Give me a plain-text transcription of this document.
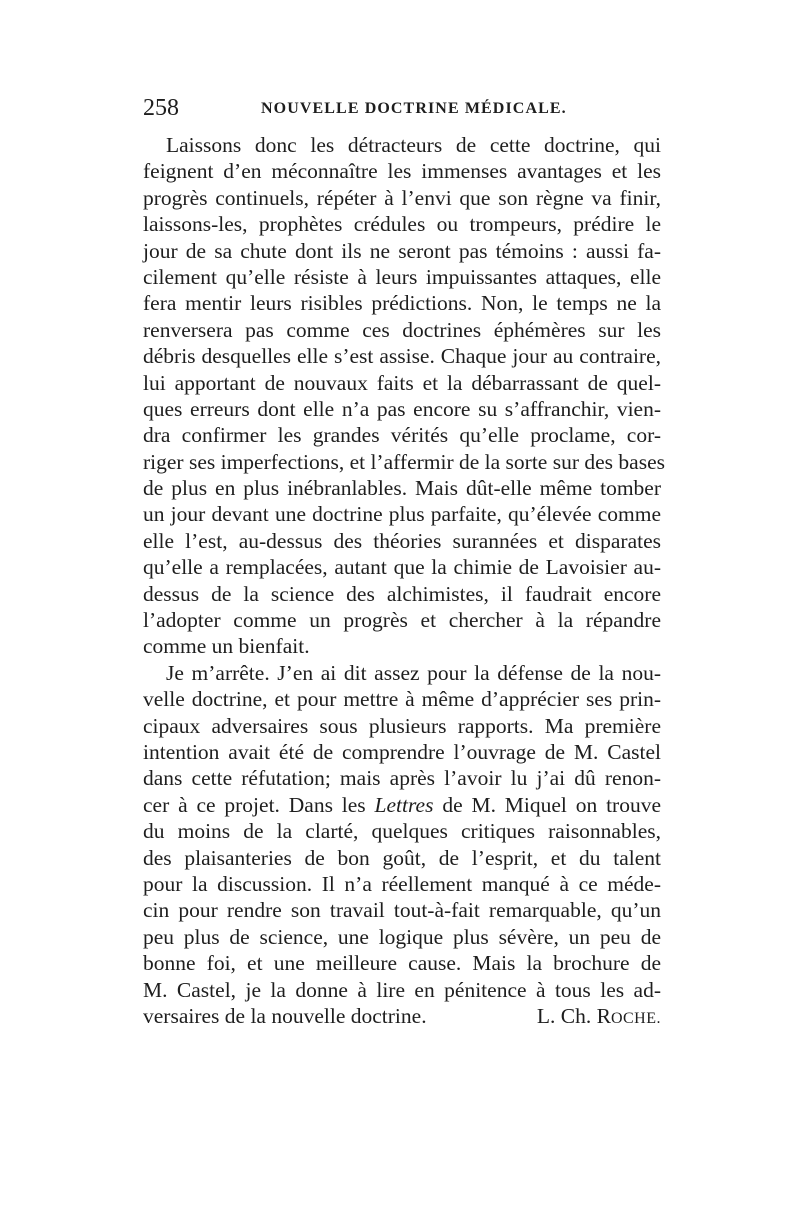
258	NOUVELLE DOCTRINE MÉDICALE.
Laissons donc les détracteurs de cette doctrine, qui
feignent d’en méconnaître les immenses avantages et les
progrès continuels, répéter à l’envi que son règne va finir,
laissons-les, prophètes crédules ou trompeurs, prédire le
jour de sa chute dont ils ne seront pas témoins : aussi fa-
cilement qu’elle résiste à leurs impuissantes attaques, elle
fera mentir leurs risibles prédictions. Non, le temps ne la
renversera pas comme ces doctrines éphémères sur les
débris desquelles elle s’est assise. Chaque jour au contraire,
lui apportant de nouvaux faits et la débarrassant de quel-
ques erreurs dont elle n’a pas encore su s’affranchir, vien-
dra confirmer les grandes vérités qu’elle proclame, cor-
riger ses imperfections, et l’affermir de la sorte sur des bases
de plus en plus inébranlables. Mais dût-elle même tomber
un jour devant une doctrine plus parfaite, qu’élevée comme
elle l’est, au-dessus des théories surannées et disparates
qu’elle a remplacées, autant que la chimie de Lavoisier au-
dessus de la science des alchimistes, il faudrait encore
l’adopter comme un progrès et chercher à la répandre
comme un bienfait.
Je m’arrête. J’en ai dit assez pour la défense de la nou-
velle doctrine, et pour mettre à même d’apprécier ses prin-
cipaux adversaires sous plusieurs rapports. Ma première
intention avait été de comprendre l’ouvrage de M. Castel
dans cette réfutation; mais après l’avoir lu j’ai dû renon-
cer à ce projet. Dans les Lettres de M. Miquel on trouve
du moins de la clarté, quelques critiques raisonnables,
des plaisanteries de bon goût, de l’esprit, et du talent
pour la discussion. Il n’a réellement manqué à ce méde-
cin pour rendre son travail tout-à-fait remarquable, qu’un
peu plus de science, une logique plus sévère, un peu de
bonne foi, et une meilleure cause. Mais la brochure de
M. Castel, je la donne à lire en pénitence à tous les ad-
versaires de la nouvelle doctrine.	L. Ch. ROCHE.
